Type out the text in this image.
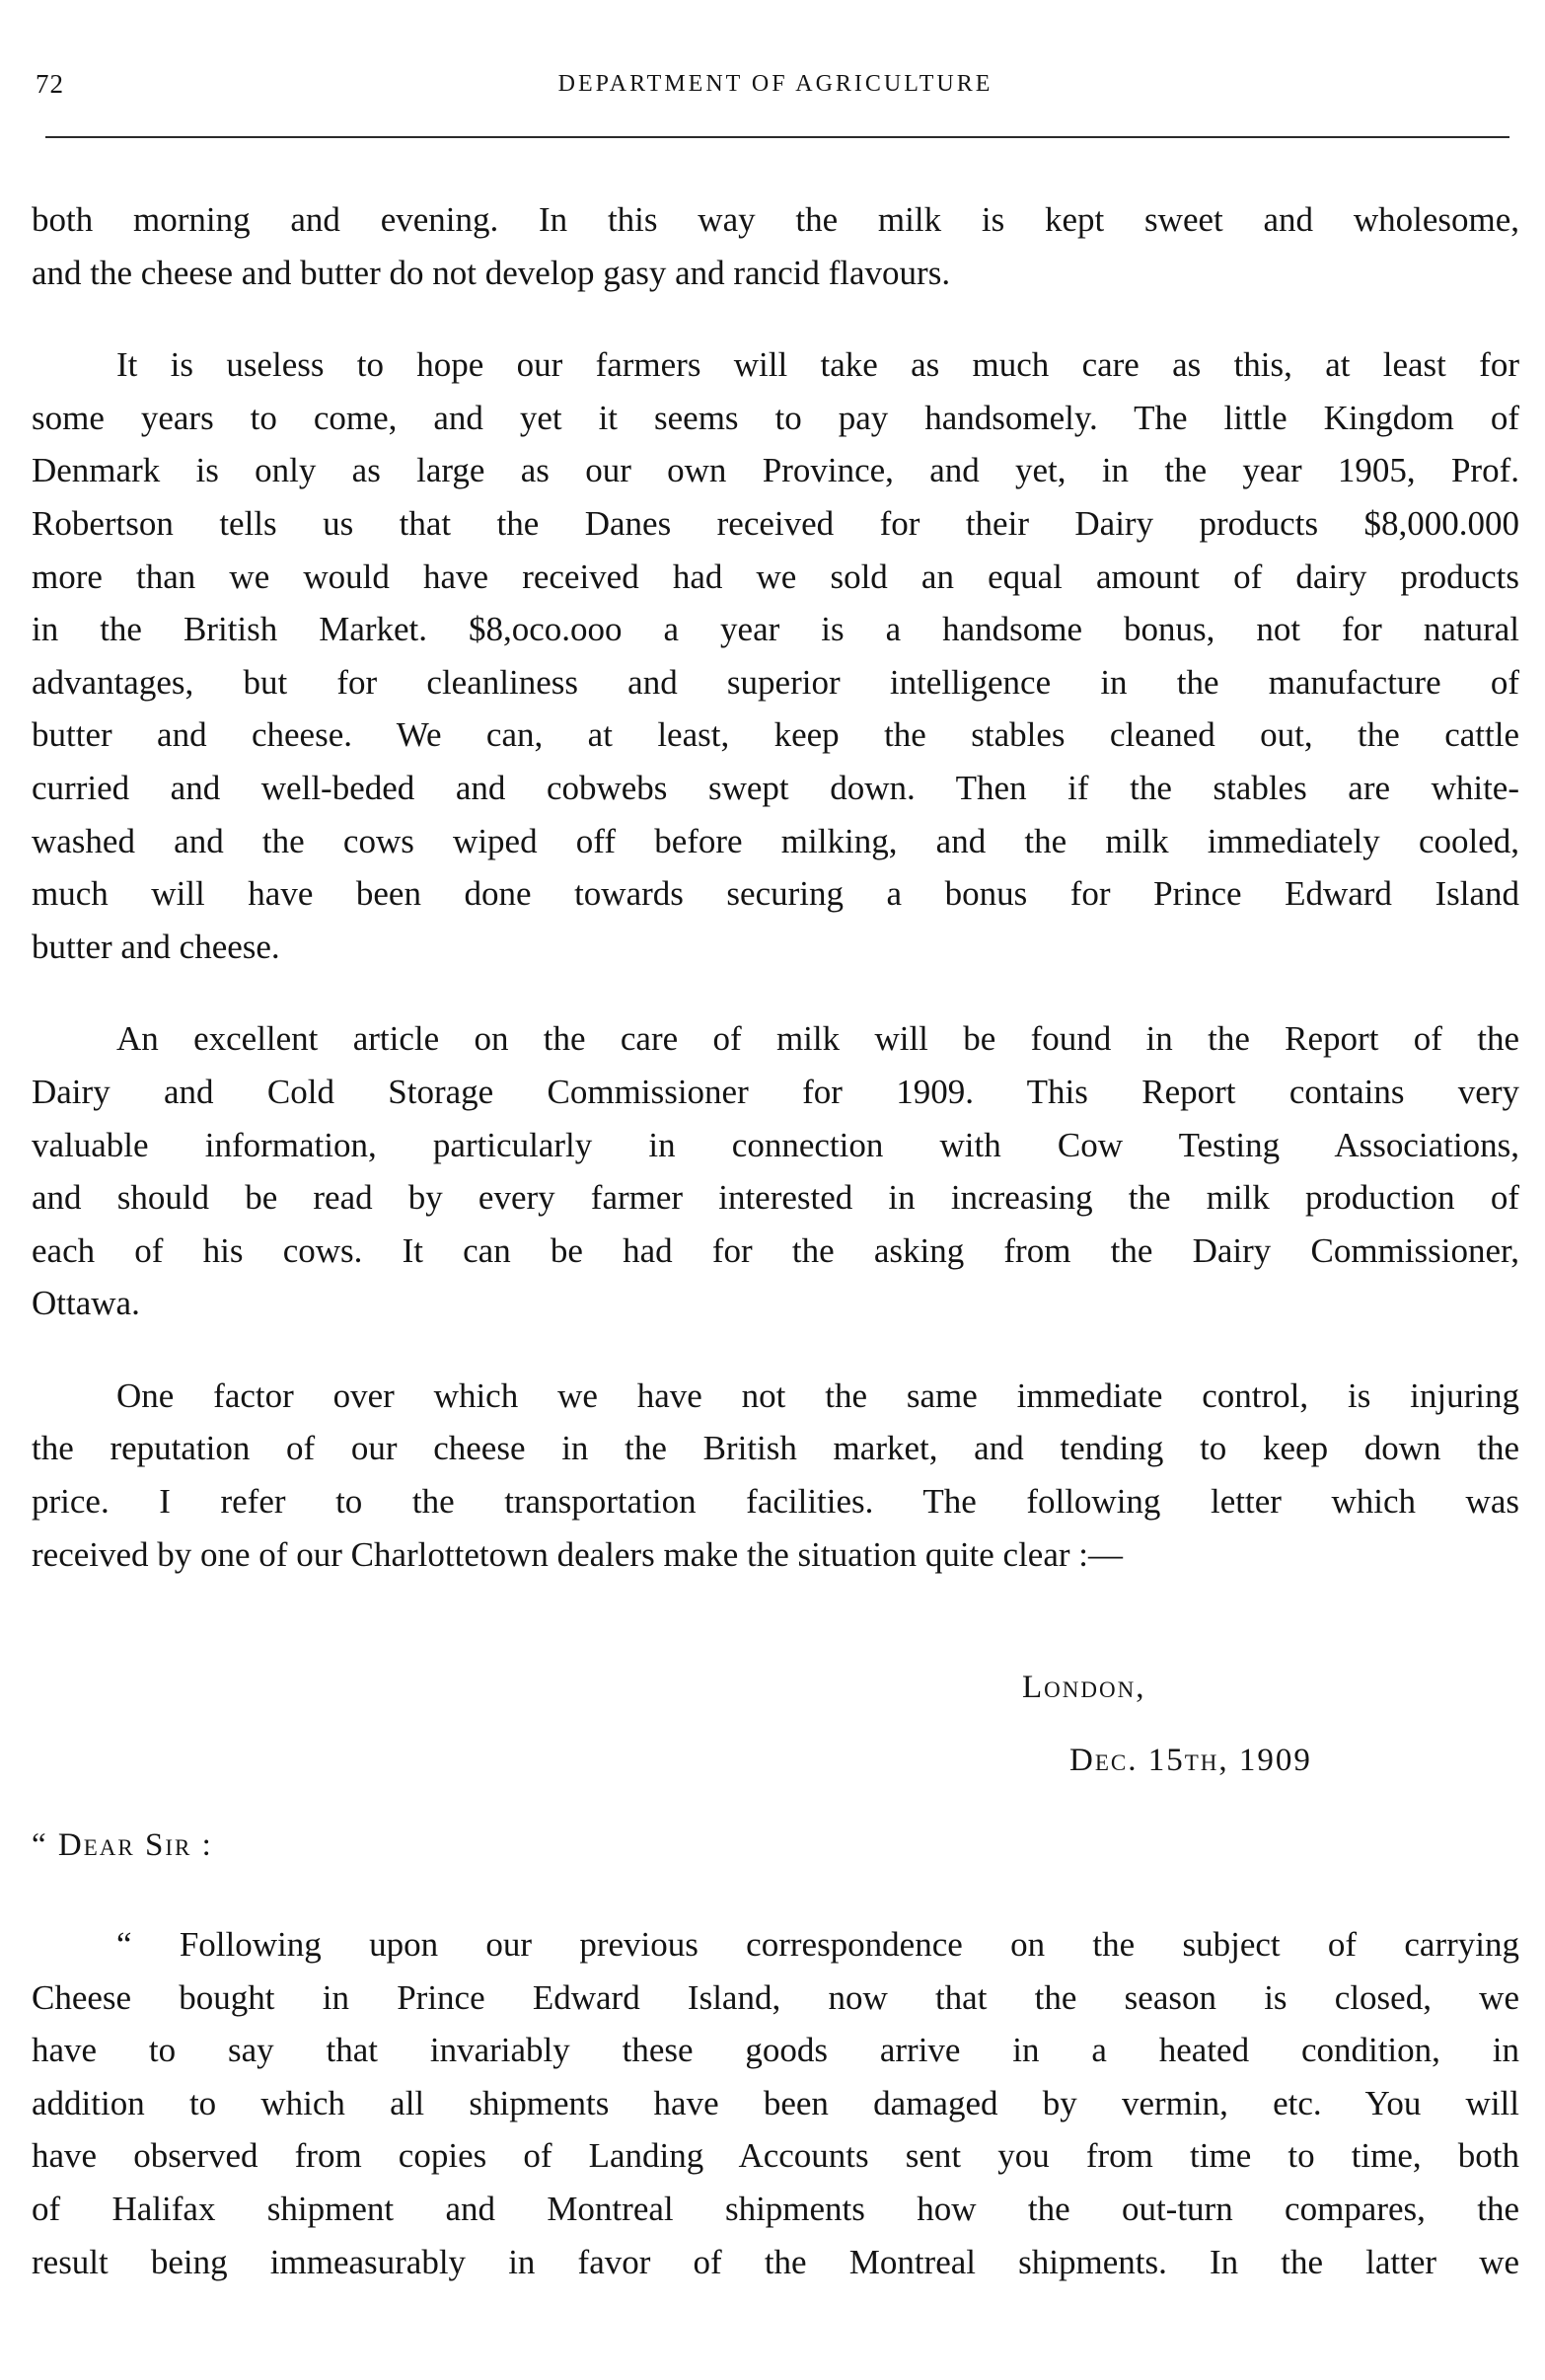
72	DEPARTMENT OF AGRICULTURE

both morning and evening. In this way the milk is kept sweet and wholesome,
and the cheese and butter do not develop gasy and rancid flavours.

It is useless to hope our farmers will take as much care as this, at least for
some years to come, and yet it seems to pay handsomely. The little Kingdom of
Denmark is only as large as our own Province, and yet, in the year 1905, Prof.
Robertson tells us that the Danes received for their Dairy products $8,000.000
more than we would have received had we sold an equal amount of dairy products
in the British Market. $8,oco.ooo a year is a handsome bonus, not for natural
advantages, but for cleanliness and superior intelligence in the manufacture of
butter and cheese. We can, at least, keep the stables cleaned out, the cattle
curried and well-beded and cobwebs swept down. Then if the stables are white-
washed and the cows wiped off before milking, and the milk immediately cooled,
much will have been done towards securing a bonus for Prince Edward Island
butter and cheese.

An excellent article on the care of milk will be found in the Report of the
Dairy and Cold Storage Commissioner for 1909. This Report contains very
valuable information, particularly in connection with Cow Testing Associations,
and should be read by every farmer interested in increasing the milk production of
each of his cows. It can be had for the asking from the Dairy Commissioner,
Ottawa.

One factor over which we have not the same immediate control, is injuring
the reputation of our cheese in the British market, and tending to keep down the
price. I refer to the transportation facilities. The following letter which was
received by one of our Charlottetown dealers make the situation quite clear :—

London,
Dec. 15th, 1909
“ Dear Sir :

“ Following upon our previous correspondence on the subject of carrying
Cheese bought in Prince Edward Island, now that the season is closed, we
have to say that invariably these goods arrive in a heated condition, in
addition to which all shipments have been damaged by vermin, etc. You will
have observed from copies of Landing Accounts sent you from time to time, both
of Halifax shipment and Montreal shipments how the out-turn compares, the
result being immeasurably in favor of the Montreal shipments. In the latter we
